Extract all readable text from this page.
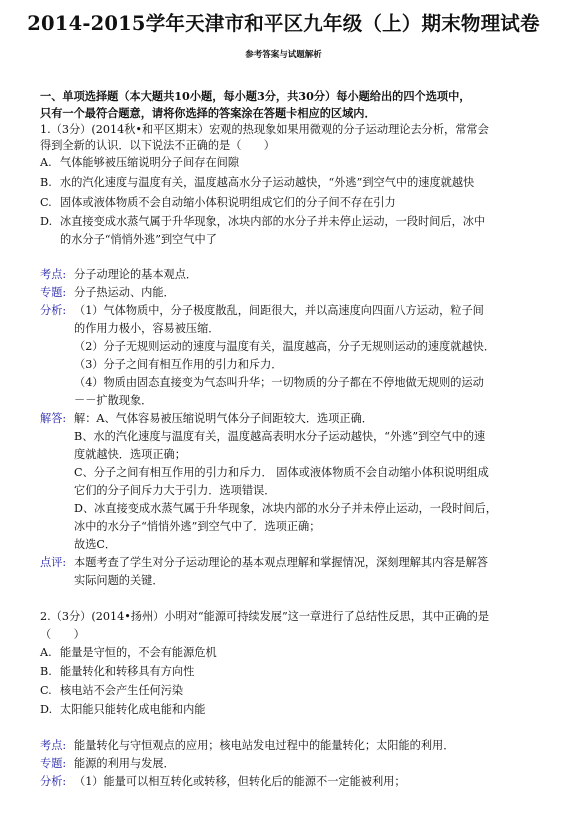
2014-2015学年天津市和平区九年级（上）期末物理试卷
参考答案与试题解析
一、单项选择题（本大题共10小题，每小题3分，共30分）每小题给出的四个选项中，
只有一个最符合题意，请将你选择的答案涂在答题卡相应的区域内．
1.（3分）(2014秋•和平区期末）宏观的热现象如果用微观的分子运动理论去分析，常常会
得到全新的认识．以下说法不正确的是（　　）
A. 气体能够被压缩说明分子间存在间隙
B. 水的汽化速度与温度有关，温度越高水分子运动越快，“外逃”到空气中的速度就越快
C. 固体或液体物质不会自动缩小体积说明组成它们的分子间不存在引力
D. 冰直接变成水蒸气属于升华现象，冰块内部的水分子并未停止运动，一段时间后，冰中
的水分子“悄悄外逃”到空气中了
考点: 分子动理论的基本观点．
专题: 分子热运动、内能．
分析: （1）气体物质中，分子极度散乱，间距很大，并以高速度向四面八方运动，粒子间
的作用力极小，容易被压缩．
（2）分子无规则运动的速度与温度有关，温度越高，分子无规则运动的速度就越快．
（3）分子之间有相互作用的引力和斥力．
（4）物质由固态直接变为气态叫升华；一切物质的分子都在不停地做无规则的运动
－－扩散现象．
解答: 解：A、气体容易被压缩说明气体分子间距较大．选项正确．
B、水的汽化速度与温度有关，温度越高表明水分子运动越快，“外逃”到空气中的速
度就越快．选项正确；
C、分子之间有相互作用的引力和斥力． 固体或液体物质不会自动缩小体积说明组成
它们的分子间斥力大于引力．选项错误．
D、冰直接变成水蒸气属于升华现象，冰块内部的水分子并未停止运动，一段时间后，
冰中的水分子“悄悄外逃”到空气中了．选项正确；
故选C．
点评: 本题考查了学生对分子运动理论的基本观点理解和掌握情况，深刻理解其内容是解答
实际问题的关键．
2.（3分）(2014•扬州）小明对“能源可持续发展”这一章进行了总结性反思，其中正确的是
（　　）
A. 能量是守恒的，不会有能源危机
B. 能量转化和转移具有方向性
C. 核电站不会产生任何污染
D. 太阳能只能转化成电能和内能
考点: 能量转化与守恒观点的应用；核电站发电过程中的能量转化；太阳能的利用．
专题: 能源的利用与发展．
分析: （1）能量可以相互转化或转移，但转化后的能源不一定能被利用；
